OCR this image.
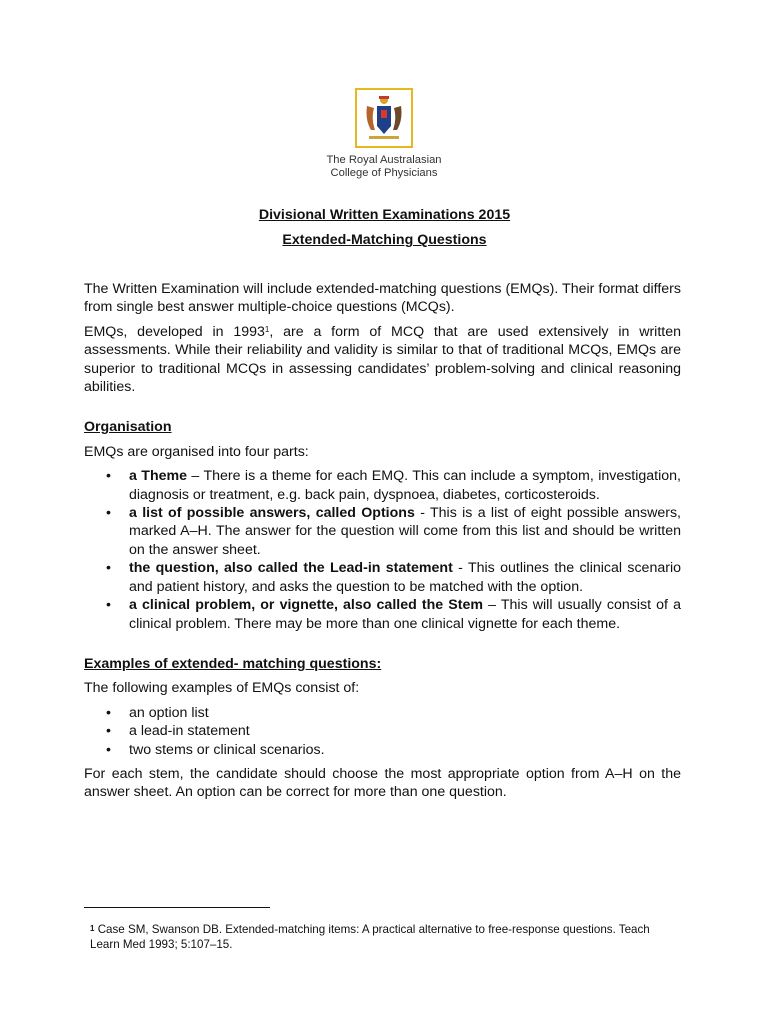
The Royal Australasian
College of Physicians
Divisional Written Examinations 2015
Extended-Matching Questions

The Written Examination will include extended-matching questions (EMQs). Their format differs from single best answer multiple-choice questions (MCQs).

EMQs, developed in 1993$^1$, are a form of MCQ that are used extensively in written assessments. While their reliability and validity is similar to that of traditional MCQs, EMQs are superior to traditional MCQs in assessing candidates’ problem-solving and clinical reasoning abilities.

Organisation

EMQs are organised into four parts:

• a Theme – There is a theme for each EMQ. This can include a symptom, investigation, diagnosis or treatment, e.g. back pain, dyspnoea, diabetes, corticosteroids.
• a list of possible answers, called Options - This is a list of eight possible answers, marked A–H. The answer for the question will come from this list and should be written on the answer sheet.
• the question, also called the Lead-in statement - This outlines the clinical scenario and patient history, and asks the question to be matched with the option.
• a clinical problem, or vignette, also called the Stem – This will usually consist of a clinical problem. There may be more than one clinical vignette for each theme.
Examples of extended- matching questions:

The following examples of EMQs consist of:

• an option list
• a lead-in statement
• two stems or clinical scenarios.

For each stem, the candidate should choose the most appropriate option from A–H on the answer sheet. An option can be correct for more than one question.

$^1$ Case SM, Swanson DB. Extended-matching items: A practical alternative to free-response questions. Teach Learn Med 1993; 5:107–15.
